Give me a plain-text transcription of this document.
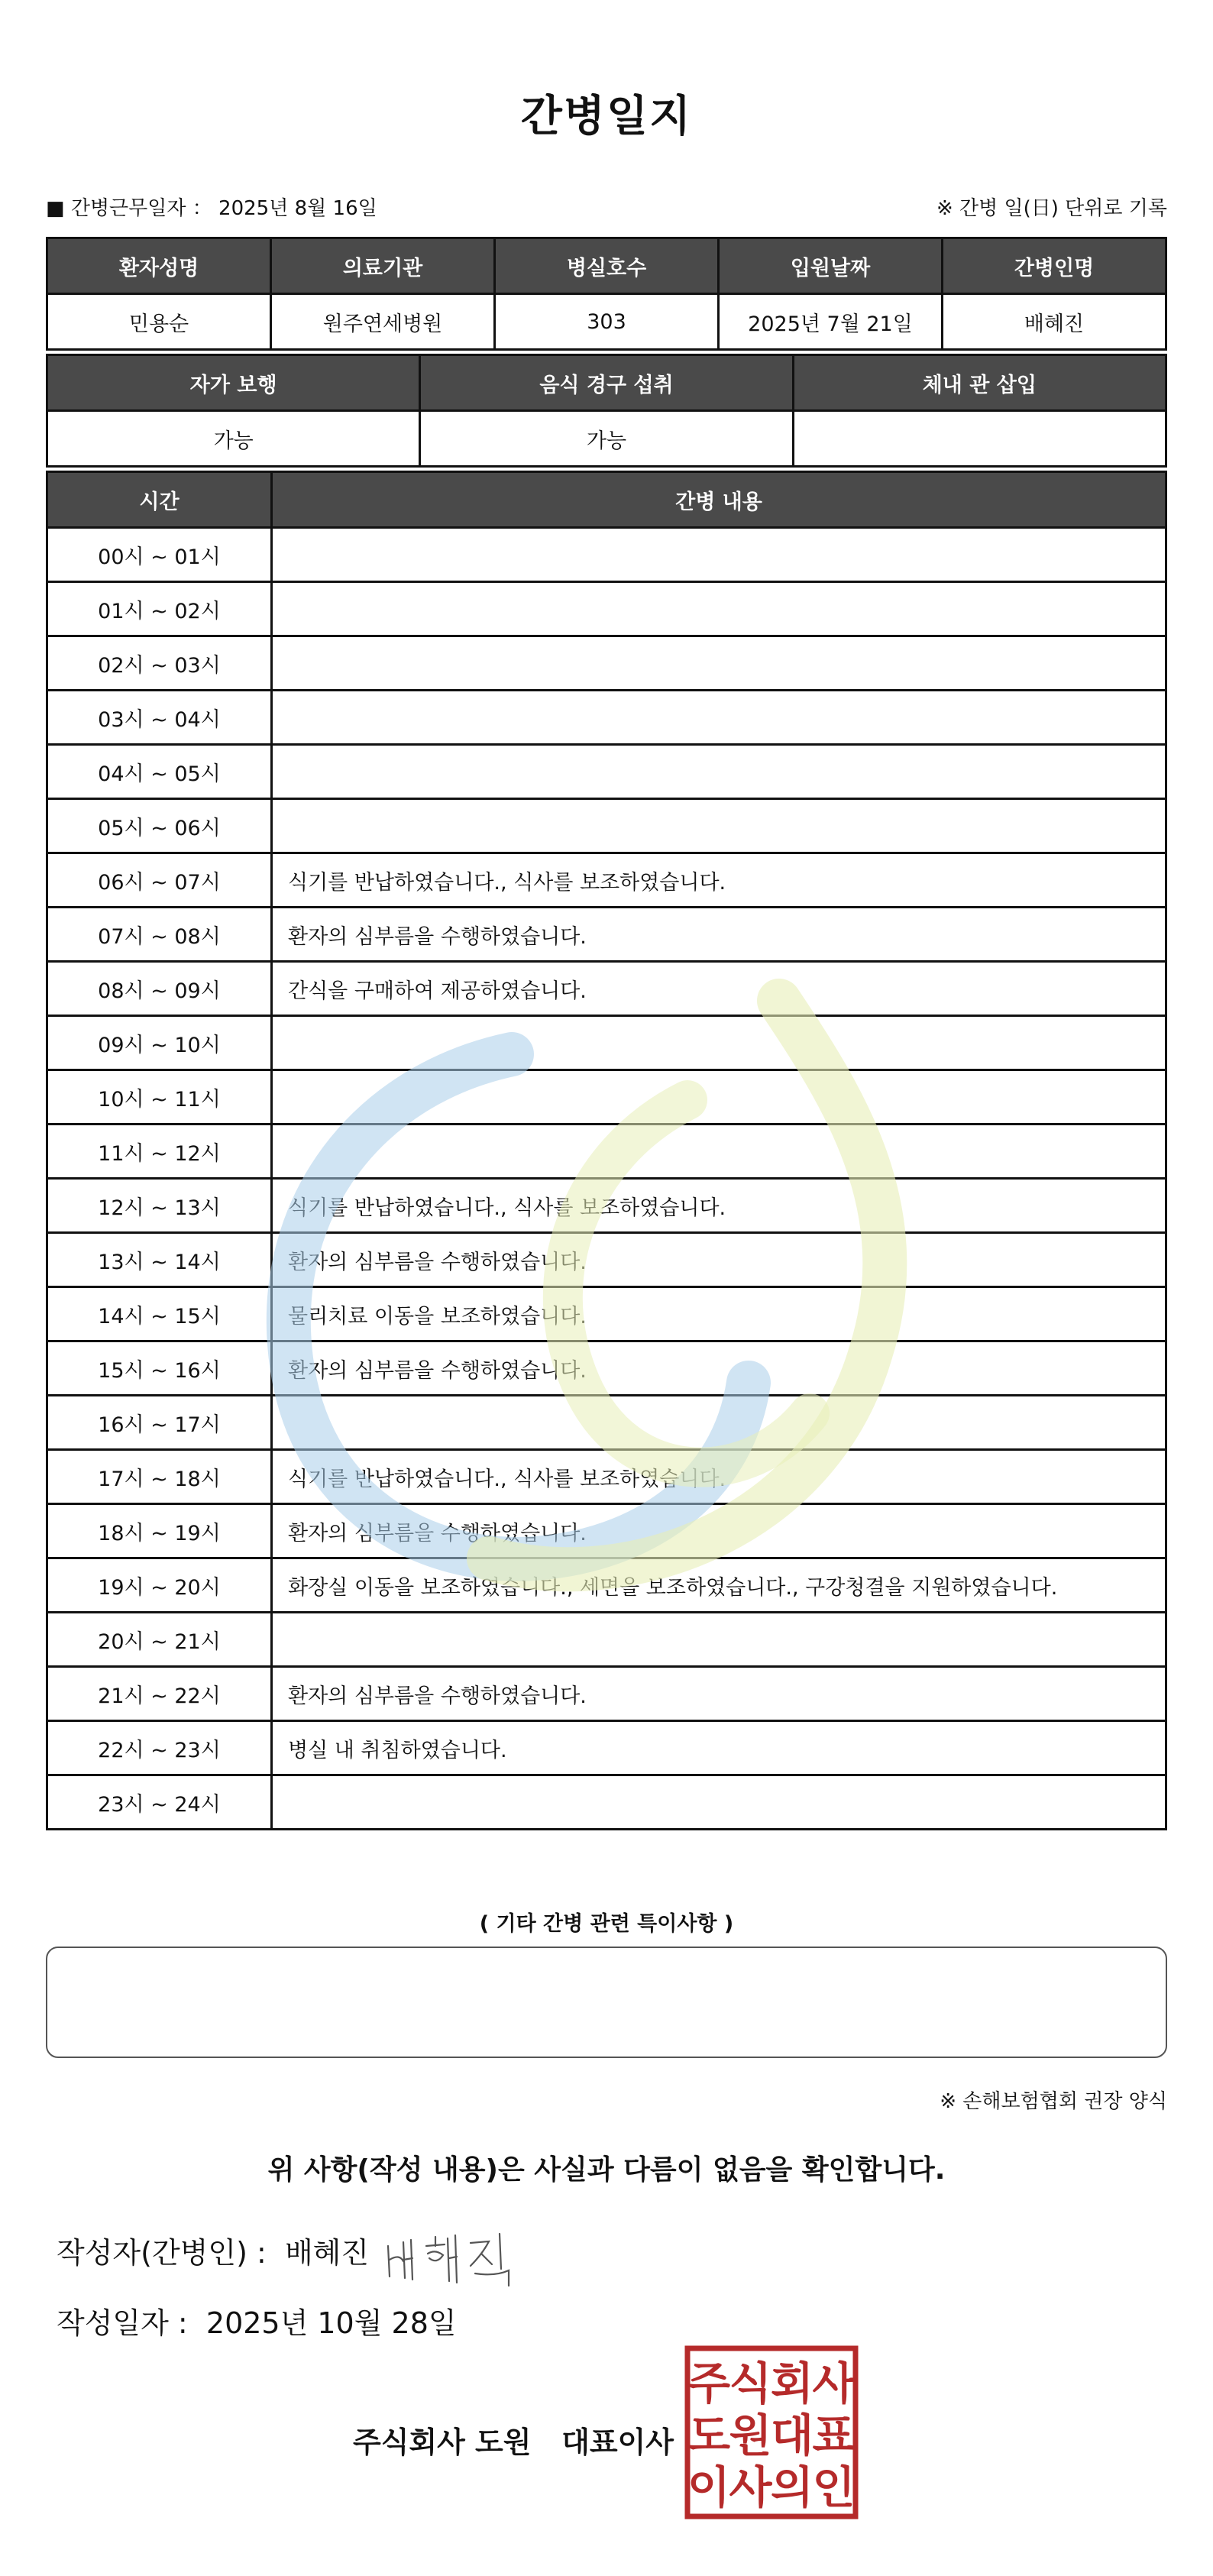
간병일지
■ 간병근무일자 ： 2025년 8월 16일	※ 간병 일(日) 단위로 기록
환자성명	의료기관	병실호수	입원날짜	간병인명
민용순	원주연세병원	303	2025년 7월 21일	배혜진
자가 보행	음식 경구 섭취	체내 관 삽입
가능	가능	
시간	간병 내용
00시 ~ 01시	
01시 ~ 02시	
02시 ~ 03시	
03시 ~ 04시	
04시 ~ 05시	
05시 ~ 06시	
06시 ~ 07시	식기를 반납하였습니다., 식사를 보조하였습니다.
07시 ~ 08시	환자의 심부름을 수행하였습니다.
08시 ~ 09시	간식을 구매하여 제공하였습니다.
09시 ~ 10시	
10시 ~ 11시	
11시 ~ 12시	
12시 ~ 13시	식기를 반납하였습니다., 식사를 보조하였습니다.
13시 ~ 14시	환자의 심부름을 수행하였습니다.
14시 ~ 15시	물리치료 이동을 보조하였습니다.
15시 ~ 16시	환자의 심부름을 수행하였습니다.
16시 ~ 17시	
17시 ~ 18시	식기를 반납하였습니다., 식사를 보조하였습니다.
18시 ~ 19시	환자의 심부름을 수행하였습니다.
19시 ~ 20시	화장실 이동을 보조하였습니다., 세면을 보조하였습니다., 구강청결을 지원하였습니다.
20시 ~ 21시	
21시 ~ 22시	환자의 심부름을 수행하였습니다.
22시 ~ 23시	병실 내 취침하였습니다.
23시 ~ 24시	
( 기타 간병 관련 특이사항 )
※ 손해보험협회 권장 양식
위 사항(작성 내용)은 사실과 다름이 없음을 확인합니다.
작성자(간병인) : 배혜진
작성일자 : 2025년 10월 28일
주식회사 도원 대표이사
주
식
회
사
도
원
대
표
이
사
의
인
